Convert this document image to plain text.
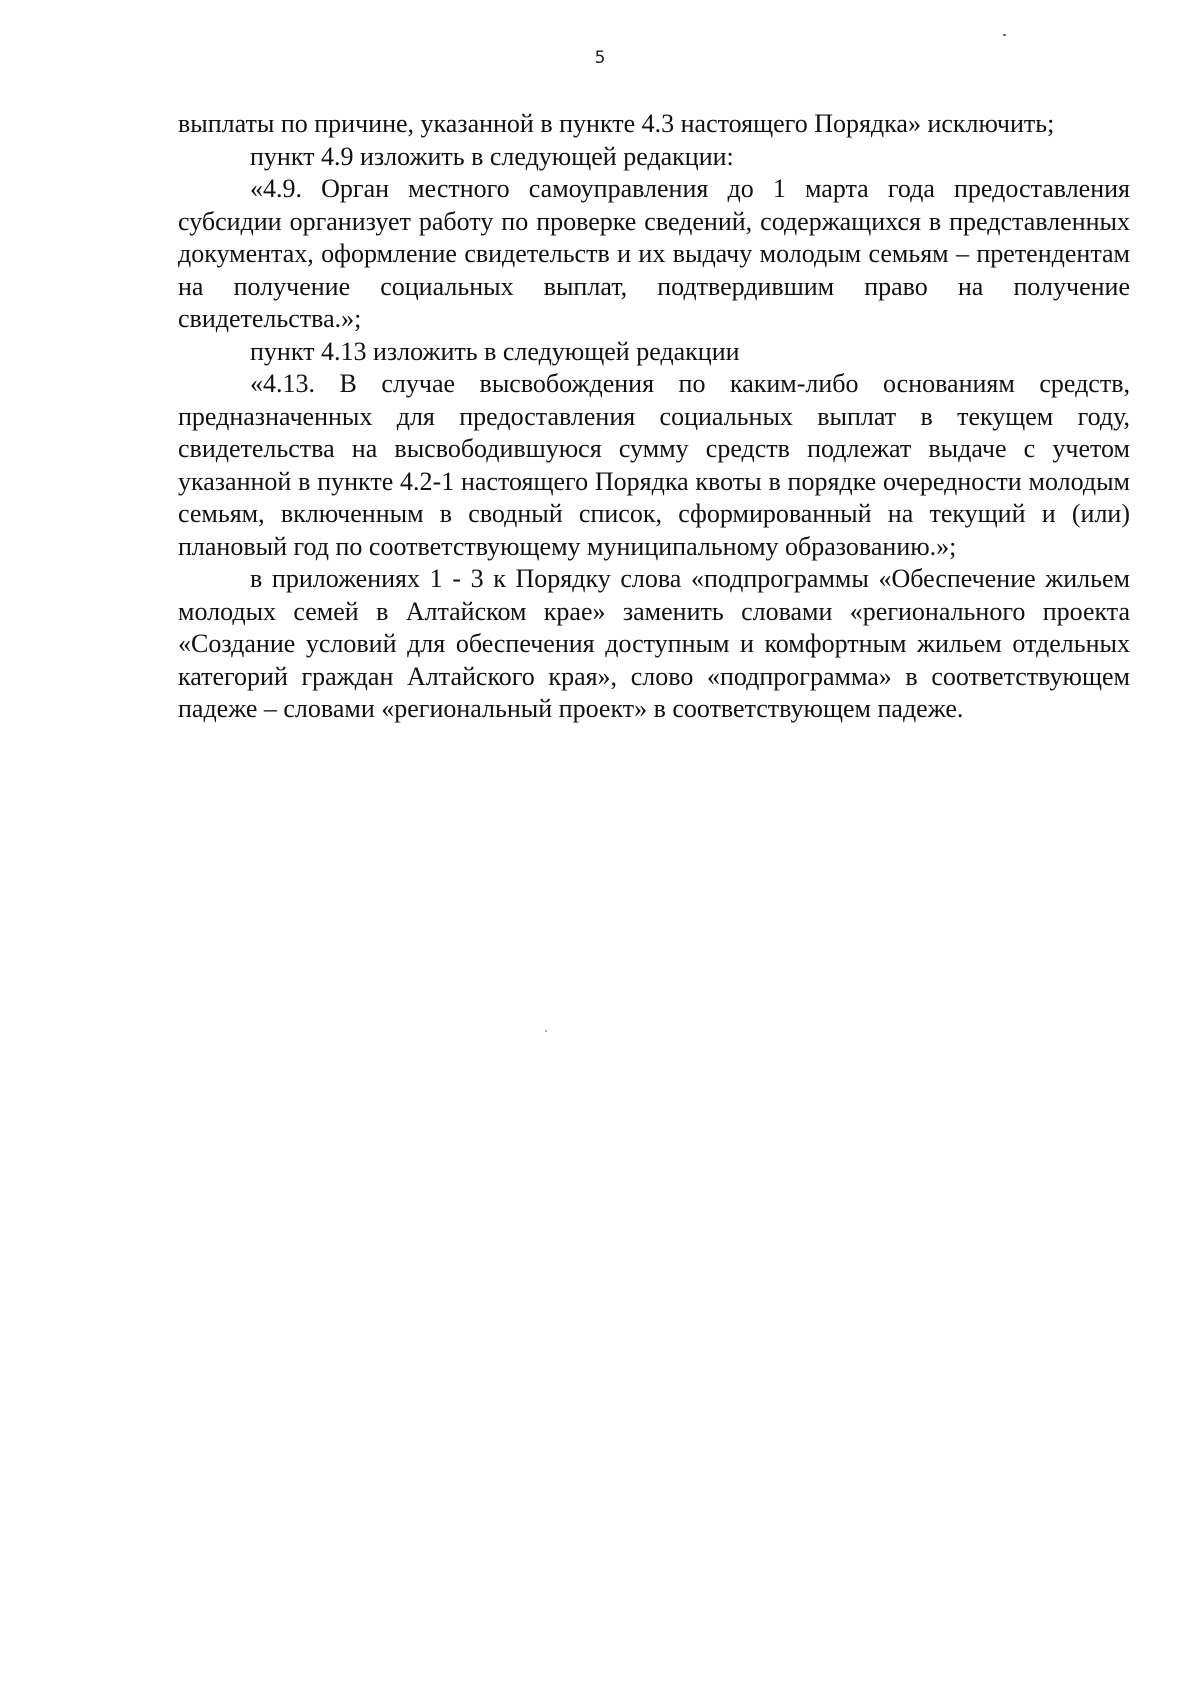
5

выплаты по причине, указанной в пункте 4.3 настоящего Порядка» исключить;

пункт 4.9 изложить в следующей редакции:

«4.9. Орган местного самоуправления до 1 марта года предоставления субсидии организует работу по проверке сведений, содержащихся в представленных документах, оформление свидетельств и их выдачу молодым семьям – претендентам на получение социальных выплат, подтвердившим право на получение свидетельства.»;

пункт 4.13 изложить в следующей редакции

«4.13. В случае высвобождения по каким-либо основаниям средств, предназначенных для предоставления социальных выплат в текущем году, свидетельства на высвободившуюся сумму средств подлежат выдаче с учетом указанной в пункте 4.2-1 настоящего Порядка квоты в порядке очередности молодым семьям, включенным в сводный список, сформированный на текущий и (или) плановый год по соответствующему муниципальному образованию.»;

в приложениях 1 - 3 к Порядку слова «подпрограммы «Обеспечение жильем молодых семей в Алтайском крае» заменить словами «регионального проекта «Создание условий для обеспечения доступным и комфортным жильем отдельных категорий граждан Алтайского края», слово «подпрограмма» в соответствующем падеже – словами «региональный проект» в соответствующем падеже.
